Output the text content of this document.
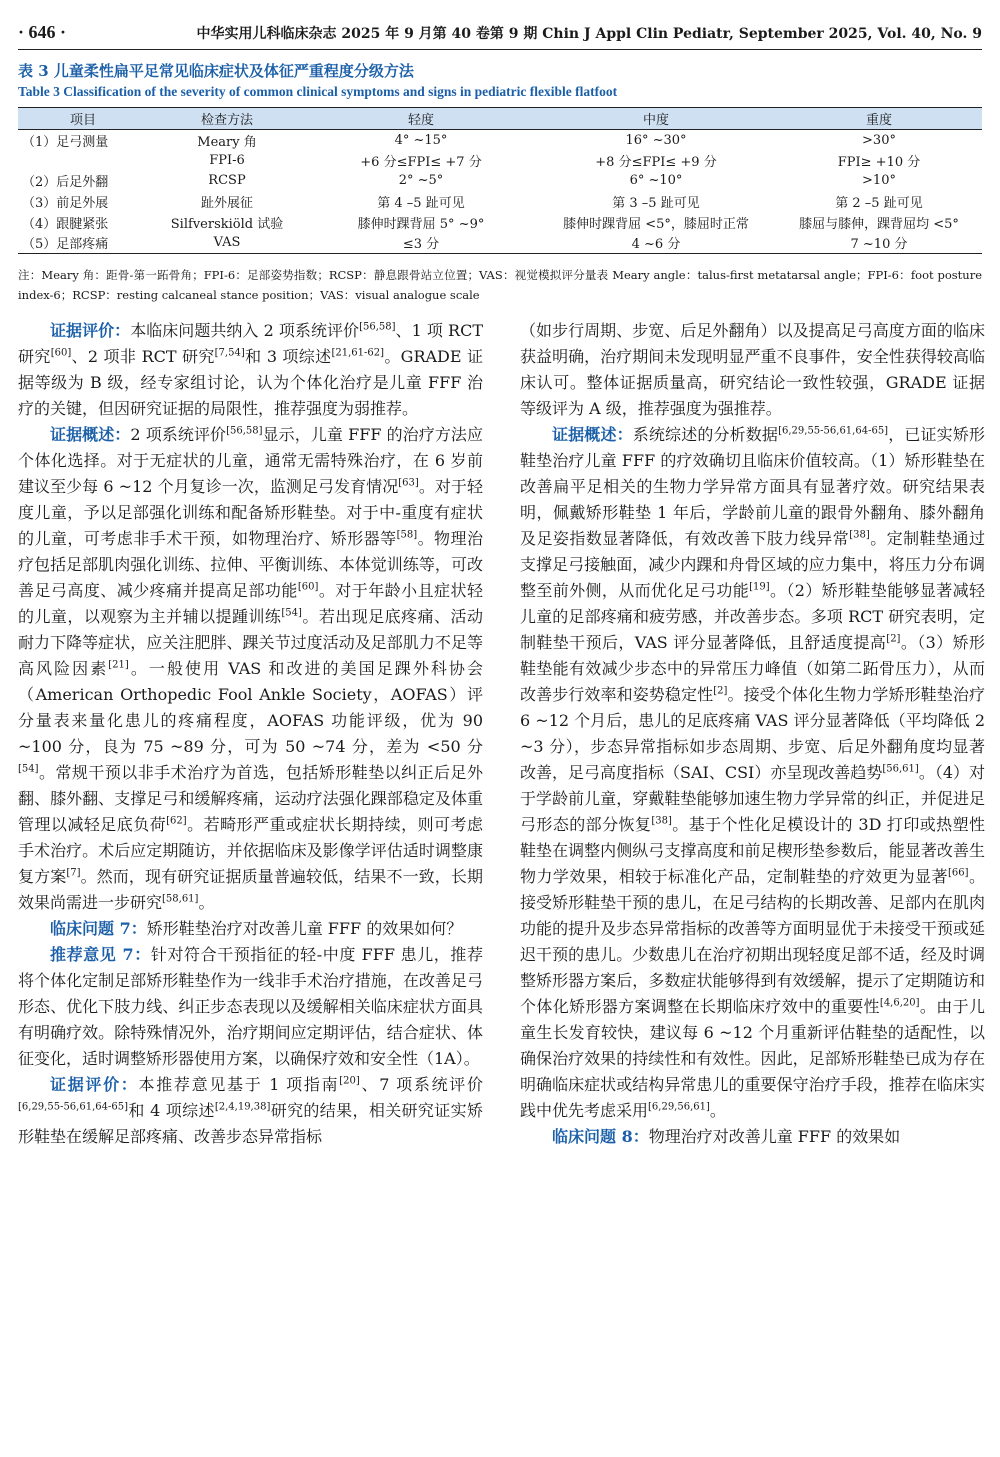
· 646 ·	中华实用儿科临床杂志 2025 年 9 月第 40 卷第 9 期 Chin J Appl Clin Pediatr, September 2025, Vol. 40, No. 9
表 3 儿童柔性扁平足常见临床症状及体征严重程度分级方法
Table 3 Classification of the severity of common clinical symptoms and signs in pediatric flexible flatfoot
项目	检查方法	轻度	中度	重度
（1）足弓测量	Meary 角	4° ~15°	16° ~30°	>30°
	FPI-6	+6 分≤FPI≤ +7 分	+8 分≤FPI≤ +9 分	FPI≥ +10 分
（2）后足外翻	RCSP	2° ~5°	6° ~10°	>10°
（3）前足外展	趾外展征	第 4 –5 趾可见	第 3 –5 趾可见	第 2 –5 趾可见
（4）跟腱紧张	Silfverskiöld 试验	膝伸时踝背屈 5° ~9°	膝伸时踝背屈 <5°，膝屈时正常	膝屈与膝伸，踝背屈均 <5°
（5）足部疼痛	VAS	≤3 分	4 ~6 分	7 ~10 分
注：Meary 角：距骨-第一跖骨角；FPI-6：足部姿势指数；RCSP：静息跟骨站立位置；VAS：视觉模拟评分量表 Meary angle：talus-first metatarsal angle；FPI-6：foot posture index-6；RCSP：resting calcaneal stance position；VAS：visual analogue scale

证据评价：本临床问题共纳入 2 项系统评价[56,58]、1 项 RCT 研究[60]、2 项非 RCT 研究[7,54]和 3 项综述[21,61-62]。GRADE 证据等级为 B 级，经专家组讨论，认为个体化治疗是儿童 FFF 治疗的关键，但因研究证据的局限性，推荐强度为弱推荐。

证据概述：2 项系统评价[56,58]显示，儿童 FFF 的治疗方法应个体化选择。对于无症状的儿童，通常无需特殊治疗，在 6 岁前建议至少每 6 ~12 个月复诊一次，监测足弓发育情况[63]。对于轻度儿童，予以足部强化训练和配备矫形鞋垫。对于中-重度有症状的儿童，可考虑非手术干预，如物理治疗、矫形器等[58]。物理治疗包括足部肌肉强化训练、拉伸、平衡训练、本体觉训练等，可改善足弓高度、减少疼痛并提高足部功能[60]。对于年龄小且症状轻的儿童，以观察为主并辅以提踵训练[54]。若出现足底疼痛、活动耐力下降等症状，应关注肥胖、踝关节过度活动及足部肌力不足等高风险因素[21]。一般使用 VAS 和改进的美国足踝外科协会（American Orthopedic Fool Ankle Society，AOFAS）评分量表来量化患儿的疼痛程度，AOFAS 功能评级，优为 90 ~100 分，良为 75 ~89 分，可为 50 ~74 分，差为 <50 分[54]。常规干预以非手术治疗为首选，包括矫形鞋垫以纠正后足外翻、膝外翻、支撑足弓和缓解疼痛，运动疗法强化踝部稳定及体重管理以减轻足底负荷[62]。若畸形严重或症状长期持续，则可考虑手术治疗。术后应定期随访，并依据临床及影像学评估适时调整康复方案[7]。然而，现有研究证据质量普遍较低，结果不一致，长期效果尚需进一步研究[58,61]。

临床问题 7：矫形鞋垫治疗对改善儿童 FFF 的效果如何？

推荐意见 7：针对符合干预指征的轻-中度 FFF 患儿，推荐将个体化定制足部矫形鞋垫作为一线非手术治疗措施，在改善足弓形态、优化下肢力线、纠正步态表现以及缓解相关临床症状方面具有明确疗效。除特殊情况外，治疗期间应定期评估，结合症状、体征变化，适时调整矫形器使用方案，以确保疗效和安全性（1A）。

证据评价：本推荐意见基于 1 项指南[20]、7 项系统评价[6,29,55-56,61,64-65]和 4 项综述[2,4,19,38]研究的结果，相关研究证实矫形鞋垫在缓解足部疼痛、改善步态异常指标

（如步行周期、步宽、后足外翻角）以及提高足弓高度方面的临床获益明确，治疗期间未发现明显严重不良事件，安全性获得较高临床认可。整体证据质量高，研究结论一致性较强，GRADE 证据等级评为 A 级，推荐强度为强推荐。

证据概述：系统综述的分析数据[6,29,55-56,61,64-65]，已证实矫形鞋垫治疗儿童 FFF 的疗效确切且临床价值较高。（1）矫形鞋垫在改善扁平足相关的生物力学异常方面具有显著疗效。研究结果表明，佩戴矫形鞋垫 1 年后，学龄前儿童的跟骨外翻角、膝外翻角及足姿指数显著降低，有效改善下肢力线异常[38]。定制鞋垫通过支撑足弓接触面，减少内踝和舟骨区域的应力集中，将压力分布调整至前外侧，从而优化足弓功能[19]。（2）矫形鞋垫能够显著减轻儿童的足部疼痛和疲劳感，并改善步态。多项 RCT 研究表明，定制鞋垫干预后，VAS 评分显著降低，且舒适度提高[2]。（3）矫形鞋垫能有效减少步态中的异常压力峰值（如第二跖骨压力），从而改善步行效率和姿势稳定性[2]。接受个体化生物力学矫形鞋垫治疗 6 ~12 个月后，患儿的足底疼痛 VAS 评分显著降低（平均降低 2 ~3 分），步态异常指标如步态周期、步宽、后足外翻角度均显著改善，足弓高度指标（SAI、CSI）亦呈现改善趋势[56,61]。（4）对于学龄前儿童，穿戴鞋垫能够加速生物力学异常的纠正，并促进足弓形态的部分恢复[38]。基于个性化足模设计的 3D 打印或热塑性鞋垫在调整内侧纵弓支撑高度和前足楔形垫参数后，能显著改善生物力学效果，相较于标准化产品，定制鞋垫的疗效更为显著[66]。接受矫形鞋垫干预的患儿，在足弓结构的长期改善、足部内在肌肉功能的提升及步态异常指标的改善等方面明显优于未接受干预或延迟干预的患儿。少数患儿在治疗初期出现轻度足部不适，经及时调整矫形器方案后，多数症状能够得到有效缓解，提示了定期随访和个体化矫形器方案调整在长期临床疗效中的重要性[4,6,20]。由于儿童生长发育较快，建议每 6 ~12 个月重新评估鞋垫的适配性，以确保治疗效果的持续性和有效性。因此，足部矫形鞋垫已成为存在明确临床症状或结构异常患儿的重要保守治疗手段，推荐在临床实践中优先考虑采用[6,29,56,61]。

临床问题 8：物理治疗对改善儿童 FFF 的效果如
